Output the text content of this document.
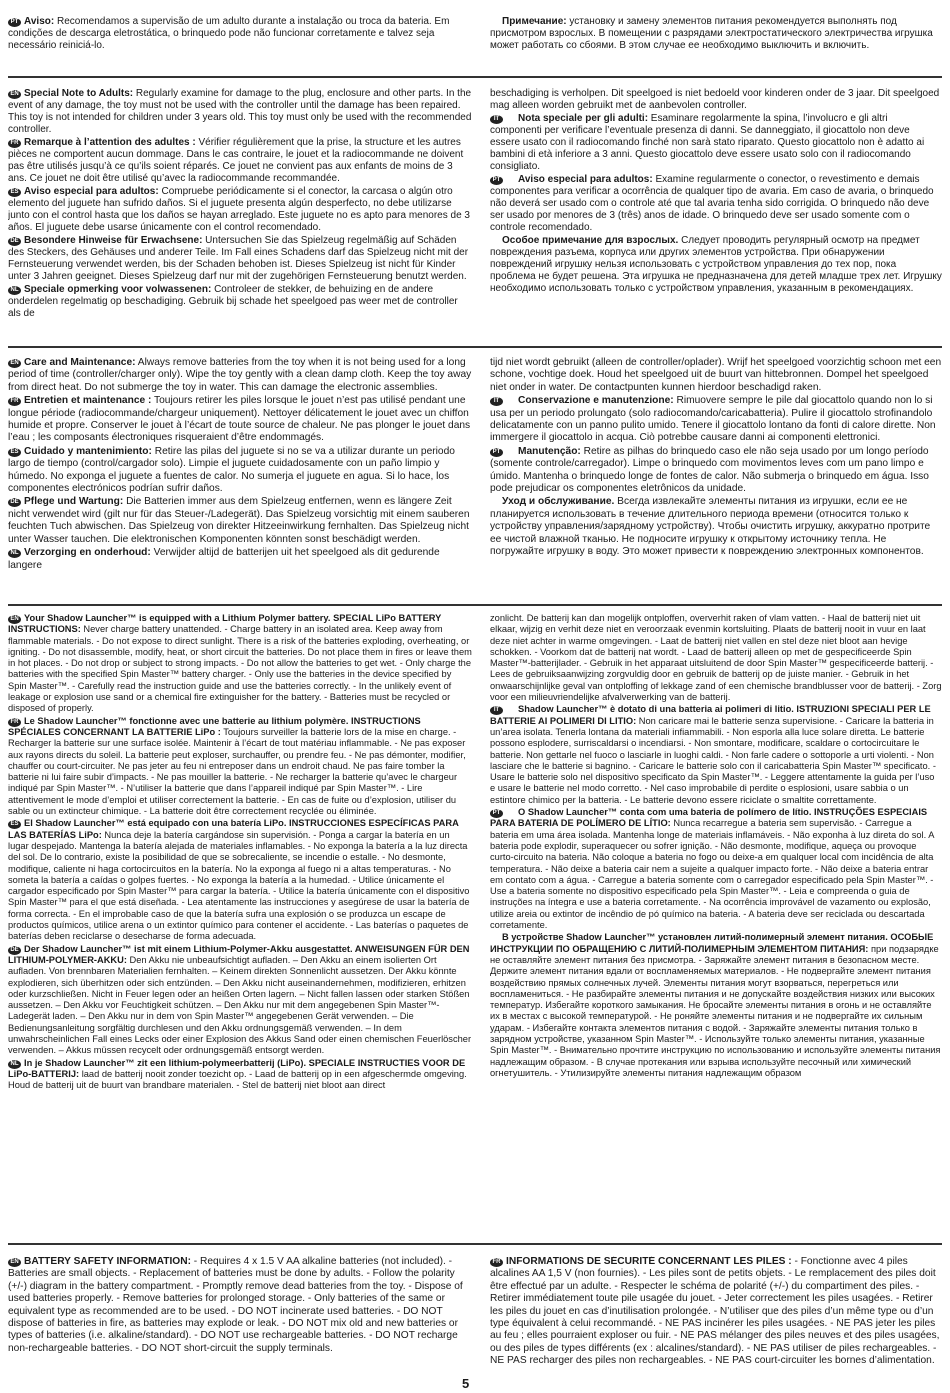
PT Aviso: Recomendamos a supervisão de um adulto durante a instalação ou troca da bateria. Em condições de descarga eletrostática, o brinquedo pode não funcionar corretamente e talvez seja necessário reiniciá-lo.

Примечание: установку и замену элементов питания рекомендуется выполнять под присмотром взрослых. В помещении с разрядами электростатического электричества игрушка может работать со сбоями. В этом случае ее необходимо выключить и включить.

EN Special Note to Adults: Regularly examine for damage to the plug, enclosure and other parts. In the event of any damage, the toy must not be used with the controller until the damage has been repaired. This toy is not intended for children under 3 years old. This toy must only be used with the recommended controller.

FR Remarque à l’attention des adultes : Vérifier régulièrement que la prise, la structure et les autres pièces ne comportent aucun dommage. Dans le cas contraire, le jouet et la radiocommande ne doivent pas être utilisés jusqu’à ce qu’ils soient réparés. Ce jouet ne convient pas aux enfants de moins de 3 ans. Ce jouet ne doit être utilisé qu’avec la radiocommande recommandée.

ES Aviso especial para adultos: Compruebe periódicamente si el conector, la carcasa o algún otro elemento del juguete han sufrido daños. Si el juguete presenta algún desperfecto, no debe utilizarse junto con el control hasta que los daños se hayan arreglado. Este juguete no es apto para menores de 3 años. El juguete debe usarse únicamente con el control recomendado.

DE Besondere Hinweise für Erwachsene: Untersuchen Sie das Spielzeug regelmäßig auf Schäden des Steckers, des Gehäuses und anderer Teile. Im Fall eines Schadens darf das Spielzeug nicht mit der Fernsteuerung verwendet werden, bis der Schaden behoben ist. Dieses Spielzeug ist nicht für Kinder unter 3 Jahren geeignet. Dieses Spielzeug darf nur mit der zugehörigen Fernsteuerung benutzt werden.

NL Speciale opmerking voor volwassenen: Controleer de stekker, de behuizing en de andere onderdelen regelmatig op beschadiging. Gebruik bij schade het speelgoed pas weer met de controller als de

beschadiging is verholpen. Dit speelgoed is niet bedoeld voor kinderen onder de 3 jaar. Dit speelgoed mag alleen worden gebruikt met de aanbevolen controller.

IT Nota speciale per gli adulti: Esaminare regolarmente la spina, l’involucro e gli altri componenti per verificare l’eventuale presenza di danni. Se danneggiato, il giocattolo non deve essere usato con il radiocomando finché non sarà stato riparato. Questo giocattolo non è adatto ai bambini di età inferiore a 3 anni. Questo giocattolo deve essere usato solo con il radiocomando consigliato.

PT Aviso especial para adultos: Examine regularmente o conector, o revestimento e demais componentes para verificar a ocorrência de qualquer tipo de avaria. Em caso de avaria, o brinquedo não deverá ser usado com o controle até que tal avaria tenha sido corrigida. O brinquedo não deve ser usado por menores de 3 (três) anos de idade. O brinquedo deve ser usado somente com o controle recomendado.

Особое примечание для взрослых. Следует проводить регулярный осмотр на предмет повреждения разъема, корпуса или других элементов устройства. При обнаружении повреждений игрушку нельзя использовать с устройством управления до тех пор, пока проблема не будет решена. Эта игрушка не предназначена для детей младше трех лет. Игрушку необходимо использовать только с устройством управления, указанным в рекомендациях.

EN Care and Maintenance: Always remove batteries from the toy when it is not being used for a long period of time (controller/charger only). Wipe the toy gently with a clean damp cloth. Keep the toy away from direct heat. Do not submerge the toy in water. This can damage the electronic assemblies.

FR Entretien et maintenance : Toujours retirer les piles lorsque le jouet n’est pas utilisé pendant une longue période (radiocommande/chargeur uniquement). Nettoyer délicatement le jouet avec un chiffon humide et propre. Conserver le jouet à l’écart de toute source de chaleur. Ne pas plonger le jouet dans l’eau ; les composants électroniques risqueraient d’être endommagés.

ES Cuidado y mantenimiento: Retire las pilas del juguete si no se va a utilizar durante un periodo largo de tiempo (control/cargador solo). Limpie el juguete cuidadosamente con un paño limpio y húmedo. No exponga el juguete a fuentes de calor. No sumerja el juguete en agua. Si lo hace, los componentes electrónicos podrían sufrir daños.

DE Pflege und Wartung: Die Batterien immer aus dem Spielzeug entfernen, wenn es längere Zeit nicht verwendet wird (gilt nur für das Steuer-/Ladegerät). Das Spielzeug vorsichtig mit einem sauberen feuchten Tuch abwischen. Das Spielzeug von direkter Hitzeeinwirkung fernhalten. Das Spielzeug nicht unter Wasser tauchen. Die elektronischen Komponenten könnten sonst beschädigt werden.

NL Verzorging en onderhoud: Verwijder altijd de batterijen uit het speelgoed als dit gedurende langere

tijd niet wordt gebruikt (alleen de controller/oplader). Wrijf het speelgoed voorzichtig schoon met een schone, vochtige doek. Houd het speelgoed uit de buurt van hittebronnen. Dompel het speelgoed niet onder in water. De contactpunten kunnen hierdoor beschadigd raken.

IT Conservazione e manutenzione: Rimuovere sempre le pile dal giocattolo quando non lo si usa per un periodo prolungato (solo radiocomando/caricabatteria). Pulire il giocattolo strofinandolo delicatamente con un panno pulito umido. Tenere il giocattolo lontano da fonti di calore dirette. Non immergere il giocattolo in acqua. Ciò potrebbe causare danni ai componenti elettronici.

PT Manutenção: Retire as pilhas do brinquedo caso ele não seja usado por um longo período (somente controle/carregador). Limpe o brinquedo com movimentos leves com um pano limpo e úmido. Mantenha o brinquedo longe de fontes de calor. Não submerja o brinquedo em água. Isso pode prejudicar os componentes eletrônicos da unidade.

Уход и обслуживание. Всегда извлекайте элементы питания из игрушки, если ее не планируется использовать в течение длительного периода времени (относится только к устройству управления/зарядному устройству). Чтобы очистить игрушку, аккуратно протрите ее чистой влажной тканью. Не подносите игрушку к открытому источнику тепла. Не погружайте игрушку в воду. Это может привести к повреждению электронных компонентов.

EN Your Shadow Launcher™ is equipped with a Lithium Polymer battery. SPECIAL LiPo BATTERY INSTRUCTIONS: Never charge battery unattended. - Charge battery in an isolated area. Keep away from flammable materials. - Do not expose to direct sunlight. There is a risk of the batteries exploding, overheating, or igniting. - Do not disassemble, modify, heat, or short circuit the batteries. Do not place them in fires or leave them in hot places. - Do not drop or subject to strong impacts. - Do not allow the batteries to get wet. - Only charge the batteries with the specified Spin Master™ battery charger. - Only use the batteries in the device specified by Spin Master™. - Carefully read the instruction guide and use the batteries correctly. - In the unlikely event of leakage or explosion use sand or a chemical fire extinguisher for the battery. - Batteries must be recycled or disposed of properly.

FR Le Shadow Launcher™ fonctionne avec une batterie au lithium polymère. INSTRUCTIONS SPÉCIALES CONCERNANT LA BATTERIE LiPo : Toujours surveiller la batterie lors de la mise en charge. - Recharger la batterie sur une surface isolée. Maintenir à l’écart de tout matériau inflammable. - Ne pas exposer aux rayons directs du soleil. La batterie peut exploser, surchauffer, ou prendre feu. - Ne pas démonter, modifier, chauffer ou court-circuiter. Ne pas jeter au feu ni entreposer dans un endroit chaud. Ne pas faire tomber la batterie ni lui faire subir d’impacts. - Ne pas mouiller la batterie. - Ne recharger la batterie qu’avec le chargeur indiqué par Spin Master™. - N’utiliser la batterie que dans l’appareil indiqué par Spin Master™. - Lire attentivement le mode d’emploi et utiliser correctement la batterie. - En cas de fuite ou d’explosion, utiliser du sable ou un extincteur chimique. - La batterie doit être correctement recyclée ou éliminée.

ES El Shadow Launcher™ está equipado con una batería LiPo. INSTRUCCIONES ESPECÍFICAS PARA LAS BATERÍAS LiPo: Nunca deje la batería cargándose sin supervisión. - Ponga a cargar la batería en un lugar despejado. Mantenga la batería alejada de materiales inflamables. - No exponga la batería a la luz directa del sol. De lo contrario, existe la posibilidad de que se sobrecaliente, se incendie o estalle. - No desmonte, modifique, caliente ni haga cortocircuitos en la batería. No la exponga al fuego ni a altas temperaturas. - No someta la batería a caídas o golpes fuertes. - No exponga la batería a la humedad. - Utilice únicamente el cargador especificado por Spin Master™ para cargar la batería. - Utilice la batería únicamente con el dispositivo Spin Master™ para el que está diseñada. - Lea atentamente las instrucciones y asegúrese de usar la batería de forma correcta. - En el improbable caso de que la batería sufra una explosión o se produzca un escape de productos químicos, utilice arena o un extintor químico para contener el accidente. - Las baterías o paquetes de baterías deben reciclarse o desecharse de forma adecuada.

DE Der Shadow Launcher™ ist mit einem Lithium-Polymer-Akku ausgestattet. ANWEISUNGEN FÜR DEN LITHIUM-POLYMER-AKKU: Den Akku nie unbeaufsichtigt aufladen. – Den Akku an einem isolierten Ort aufladen. Von brennbaren Materialien fernhalten. – Keinem direkten Sonnenlicht aussetzen. Der Akku könnte explodieren, sich überhitzen oder sich entzünden. – Den Akku nicht auseinandernehmen, modifizieren, erhitzen oder kurzschließen. Nicht in Feuer legen oder an heißen Orten lagern. – Nicht fallen lassen oder starken Stößen aussetzen. – Den Akku vor Feuchtigkeit schützen. – Den Akku nur mit dem angegebenen Spin Master™-Ladegerät laden. – Den Akku nur in dem von Spin Master™ angegebenen Gerät verwenden. – Die Bedienungsanleitung sorgfältig durchlesen und den Akku ordnungsgemäß verwenden. – In dem unwahrscheinlichen Fall eines Lecks oder einer Explosion des Akkus Sand oder einen chemischen Feuerlöscher verwenden. – Akkus müssen recycelt oder ordnungsgemäß entsorgt werden.

NL In je Shadow Launcher™ zit een lithium-polymeerbatterij (LiPo). SPECIALE INSTRUCTIES VOOR DE LiPo-BATTERIJ: laad de batterij nooit zonder toezicht op. - Laad de batterij op in een afgeschermde omgeving. Houd de batterij uit de buurt van brandbare materialen. - Stel de batterij niet bloot aan direct

zonlicht. De batterij kan dan mogelijk ontploffen, oververhit raken of vlam vatten. - Haal de batterij niet uit elkaar, wijzig en verhit deze niet en veroorzaak evenmin kortsluiting. Plaats de batterij nooit in vuur en laat deze niet achter in warme omgevingen. - Laat de batterij niet vallen en stel deze niet bloot aan hevige schokken. - Voorkom dat de batterij nat wordt. - Laad de batterij alleen op met de gespecificeerde Spin Master™-batterijlader. - Gebruik in het apparaat uitsluitend de door Spin Master™ gespecificeerde batterij. - Lees de gebruiksaanwijzing zorgvuldig door en gebruik de batterij op de juiste manier. - Gebruik in het onwaarschijnlijke geval van ontploffing of lekkage zand of een chemische brandblusser voor de batterij. - Zorg voor een milieuvriendelijke afvalverwerking van de batterij.

IT Shadow Launcher™ è dotato di una batteria ai polimeri di litio. ISTRUZIONI SPECIALI PER LE BATTERIE AI POLIMERI DI LITIO: Non caricare mai le batterie senza supervisione. - Caricare la batteria in un’area isolata. Tenerla lontana da materiali infiammabili. - Non esporla alla luce solare diretta. Le batterie possono esplodere, surriscaldarsi o incendiarsi. - Non smontare, modificare, scaldare o cortocircuitare le batterie. Non gettarle nel fuoco o lasciarle in luoghi caldi. - Non farle cadere o sottoporle a urti violenti. - Non lasciare che le batterie si bagnino. - Caricare le batterie solo con il caricabatteria Spin Master™ specificato. - Usare le batterie solo nel dispositivo specificato da Spin Master™. - Leggere attentamente la guida per l’uso e usare le batterie nel modo corretto. - Nel caso improbabile di perdite o esplosioni, usare sabbia o un estintore chimico per la batteria. - Le batterie devono essere riciclate o smaltite correttamente.

PT O Shadow Launcher™ conta com uma bateria de polímero de lítio. INSTRUÇÕES ESPECIAIS PARA BATERIA DE POLÍMERO DE LÍTIO: Nunca recarregue a bateria sem supervisão. - Carregue a bateria em uma área isolada. Mantenha longe de materiais inflamáveis. - Não exponha à luz direta do sol. A bateria pode explodir, superaquecer ou sofrer ignição. - Não desmonte, modifique, aqueça ou provoque curto-circuito na bateria. Não coloque a bateria no fogo ou deixe-a em qualquer local com incidência de alta temperatura. - Não deixe a bateria cair nem a sujeite a qualquer impacto forte. - Não deixe a bateria entrar em contato com a água. - Carregue a bateria somente com o carregador especificado pela Spin Master™. - Use a bateria somente no dispositivo especificado pela Spin Master™. - Leia e compreenda o guia de instruções na íntegra e use a bateria corretamente. - Na ocorrência improvável de vazamento ou explosão, utilize areia ou extintor de incêndio de pó químico na bateria. - A bateria deve ser reciclada ou descartada corretamente.

В устройстве Shadow Launcher™ установлен литий-полимерный элемент питания. ОСОБЫЕ ИНСТРУКЦИИ ПО ОБРАЩЕНИЮ С ЛИТИЙ-ПОЛИМЕРНЫМ ЭЛЕМЕНТОМ ПИТАНИЯ: при подзарядке не оставляйте элемент питания без присмотра. - Заряжайте элемент питания в безопасном месте. Держите элемент питания вдали от воспламеняемых материалов. - Не подвергайте элемент питания воздействию прямых солнечных лучей. Элементы питания могут взорваться, перегреться или воспламениться. - Не разбирайте элементы питания и не допускайте воздействия низких или высоких температур. Избегайте короткого замыкания. Не бросайте элементы питания в огонь и не оставляйте их в местах с высокой температурой. - Не роняйте элементы питания и не подвергайте их сильным ударам. - Избегайте контакта элементов питания с водой. - Заряжайте элементы питания только в зарядном устройстве, указанном Spin Master™. - Используйте только элементы питания, указанные Spin Master™. - Внимательно прочтите инструкцию по использованию и используйте элементы питания надлежащим образом. - В случае протекания или взрыва используйте песочный или химический огнетушитель. - Утилизируйте элементы питания надлежащим образом

EN BATTERY SAFETY INFORMATION: - Requires 4 x 1.5 V AA alkaline batteries (not included). - Batteries are small objects. - Replacement of batteries must be done by adults. - Follow the polarity (+/-) diagram in the battery compartment. - Promptly remove dead batteries from the toy. - Dispose of used batteries properly. - Remove batteries for prolonged storage. - Only batteries of the same or equivalent type as recommended are to be used. - DO NOT incinerate used batteries. - DO NOT dispose of batteries in fire, as batteries may explode or leak. - DO NOT mix old and new batteries or types of batteries (i.e. alkaline/standard). - DO NOT use rechargeable batteries. - DO NOT recharge non-rechargeable batteries. - DO NOT short-circuit the supply terminals.

FR INFORMATIONS DE SÉCURITÉ CONCERNANT LES PILES : - Fonctionne avec 4 piles alcalines AA 1,5 V (non fournies). - Les piles sont de petits objets. - Le remplacement des piles doit être effectué par un adulte. - Respecter le schéma de polarité (+/-) du compartiment des piles. - Retirer immédiatement toute pile usagée du jouet. - Jeter correctement les piles usagées. - Retirer les piles du jouet en cas d’inutilisation prolongée. - N’utiliser que des piles d’un même type ou d’un type équivalent à celui recommandé. - NE PAS incinérer les piles usagées. - NE PAS jeter les piles au feu ; elles pourraient exploser ou fuir. - NE PAS mélanger des piles neuves et des piles usagées, ou des piles de types différents (ex : alcalines/standard). - NE PAS utiliser de piles rechargeables. - NE PAS recharger des piles non rechargeables. - NE PAS court-circuiter les bornes d’alimentation.

5
